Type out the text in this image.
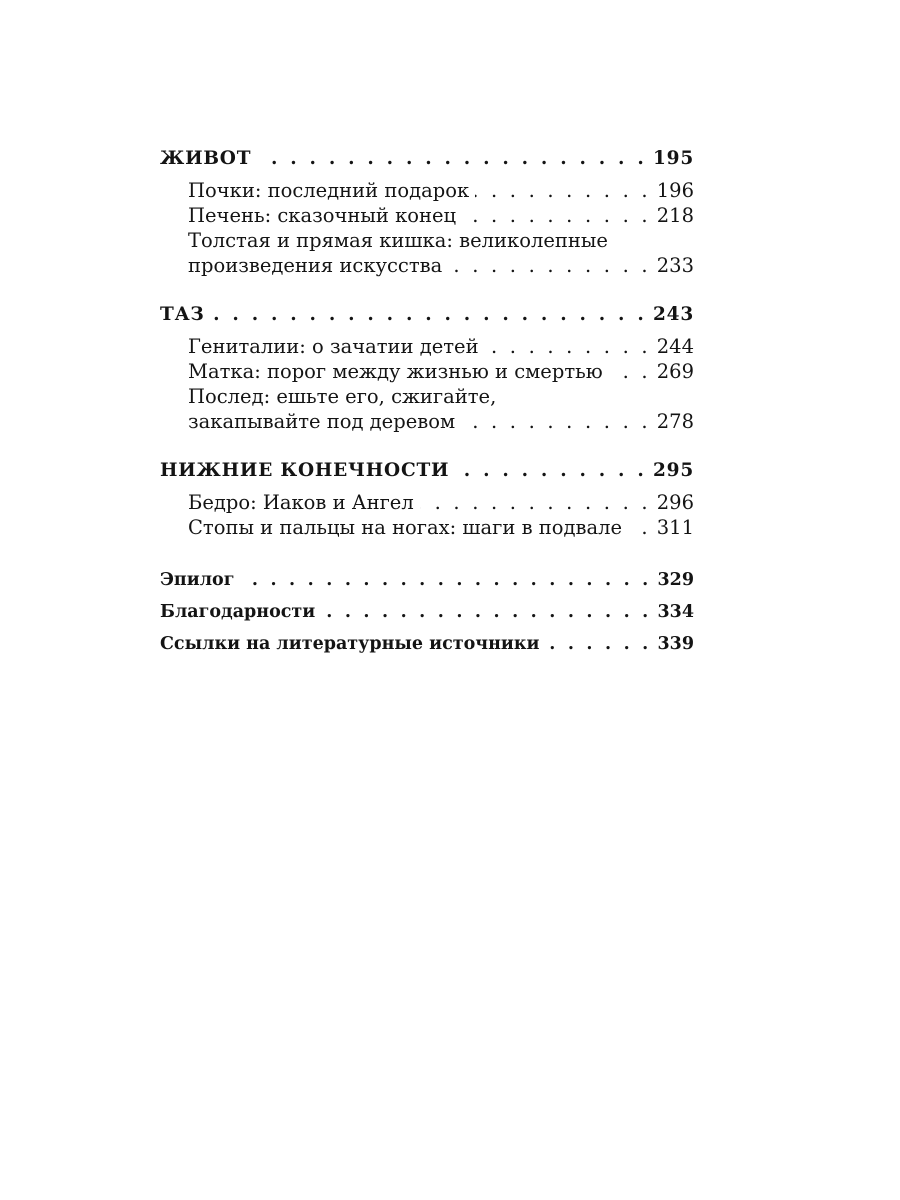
ЖИВОТ . . .	195
Почки: последний подарок . . .	196
Печень: сказочный конец . . .	218
Толстая и прямая кишка: великолепные
произведения искусства . . .	233
ТАЗ . . .	243
Гениталии: о зачатии детей . . .	244
Матка: порог между жизнью и смертью . . .	269
Послед: ешьте его, сжигайте,
закапывайте под деревом . . .	278
НИЖНИЕ КОНЕЧНОСТИ . . .	295
Бедро: Иаков и Ангел . . .	296
Стопы и пальцы на ногах: шаги в подвале . . . 311
Эпилог . . .	329
Благодарности . . .	334
Ссылки на литературные источники . . .	339
